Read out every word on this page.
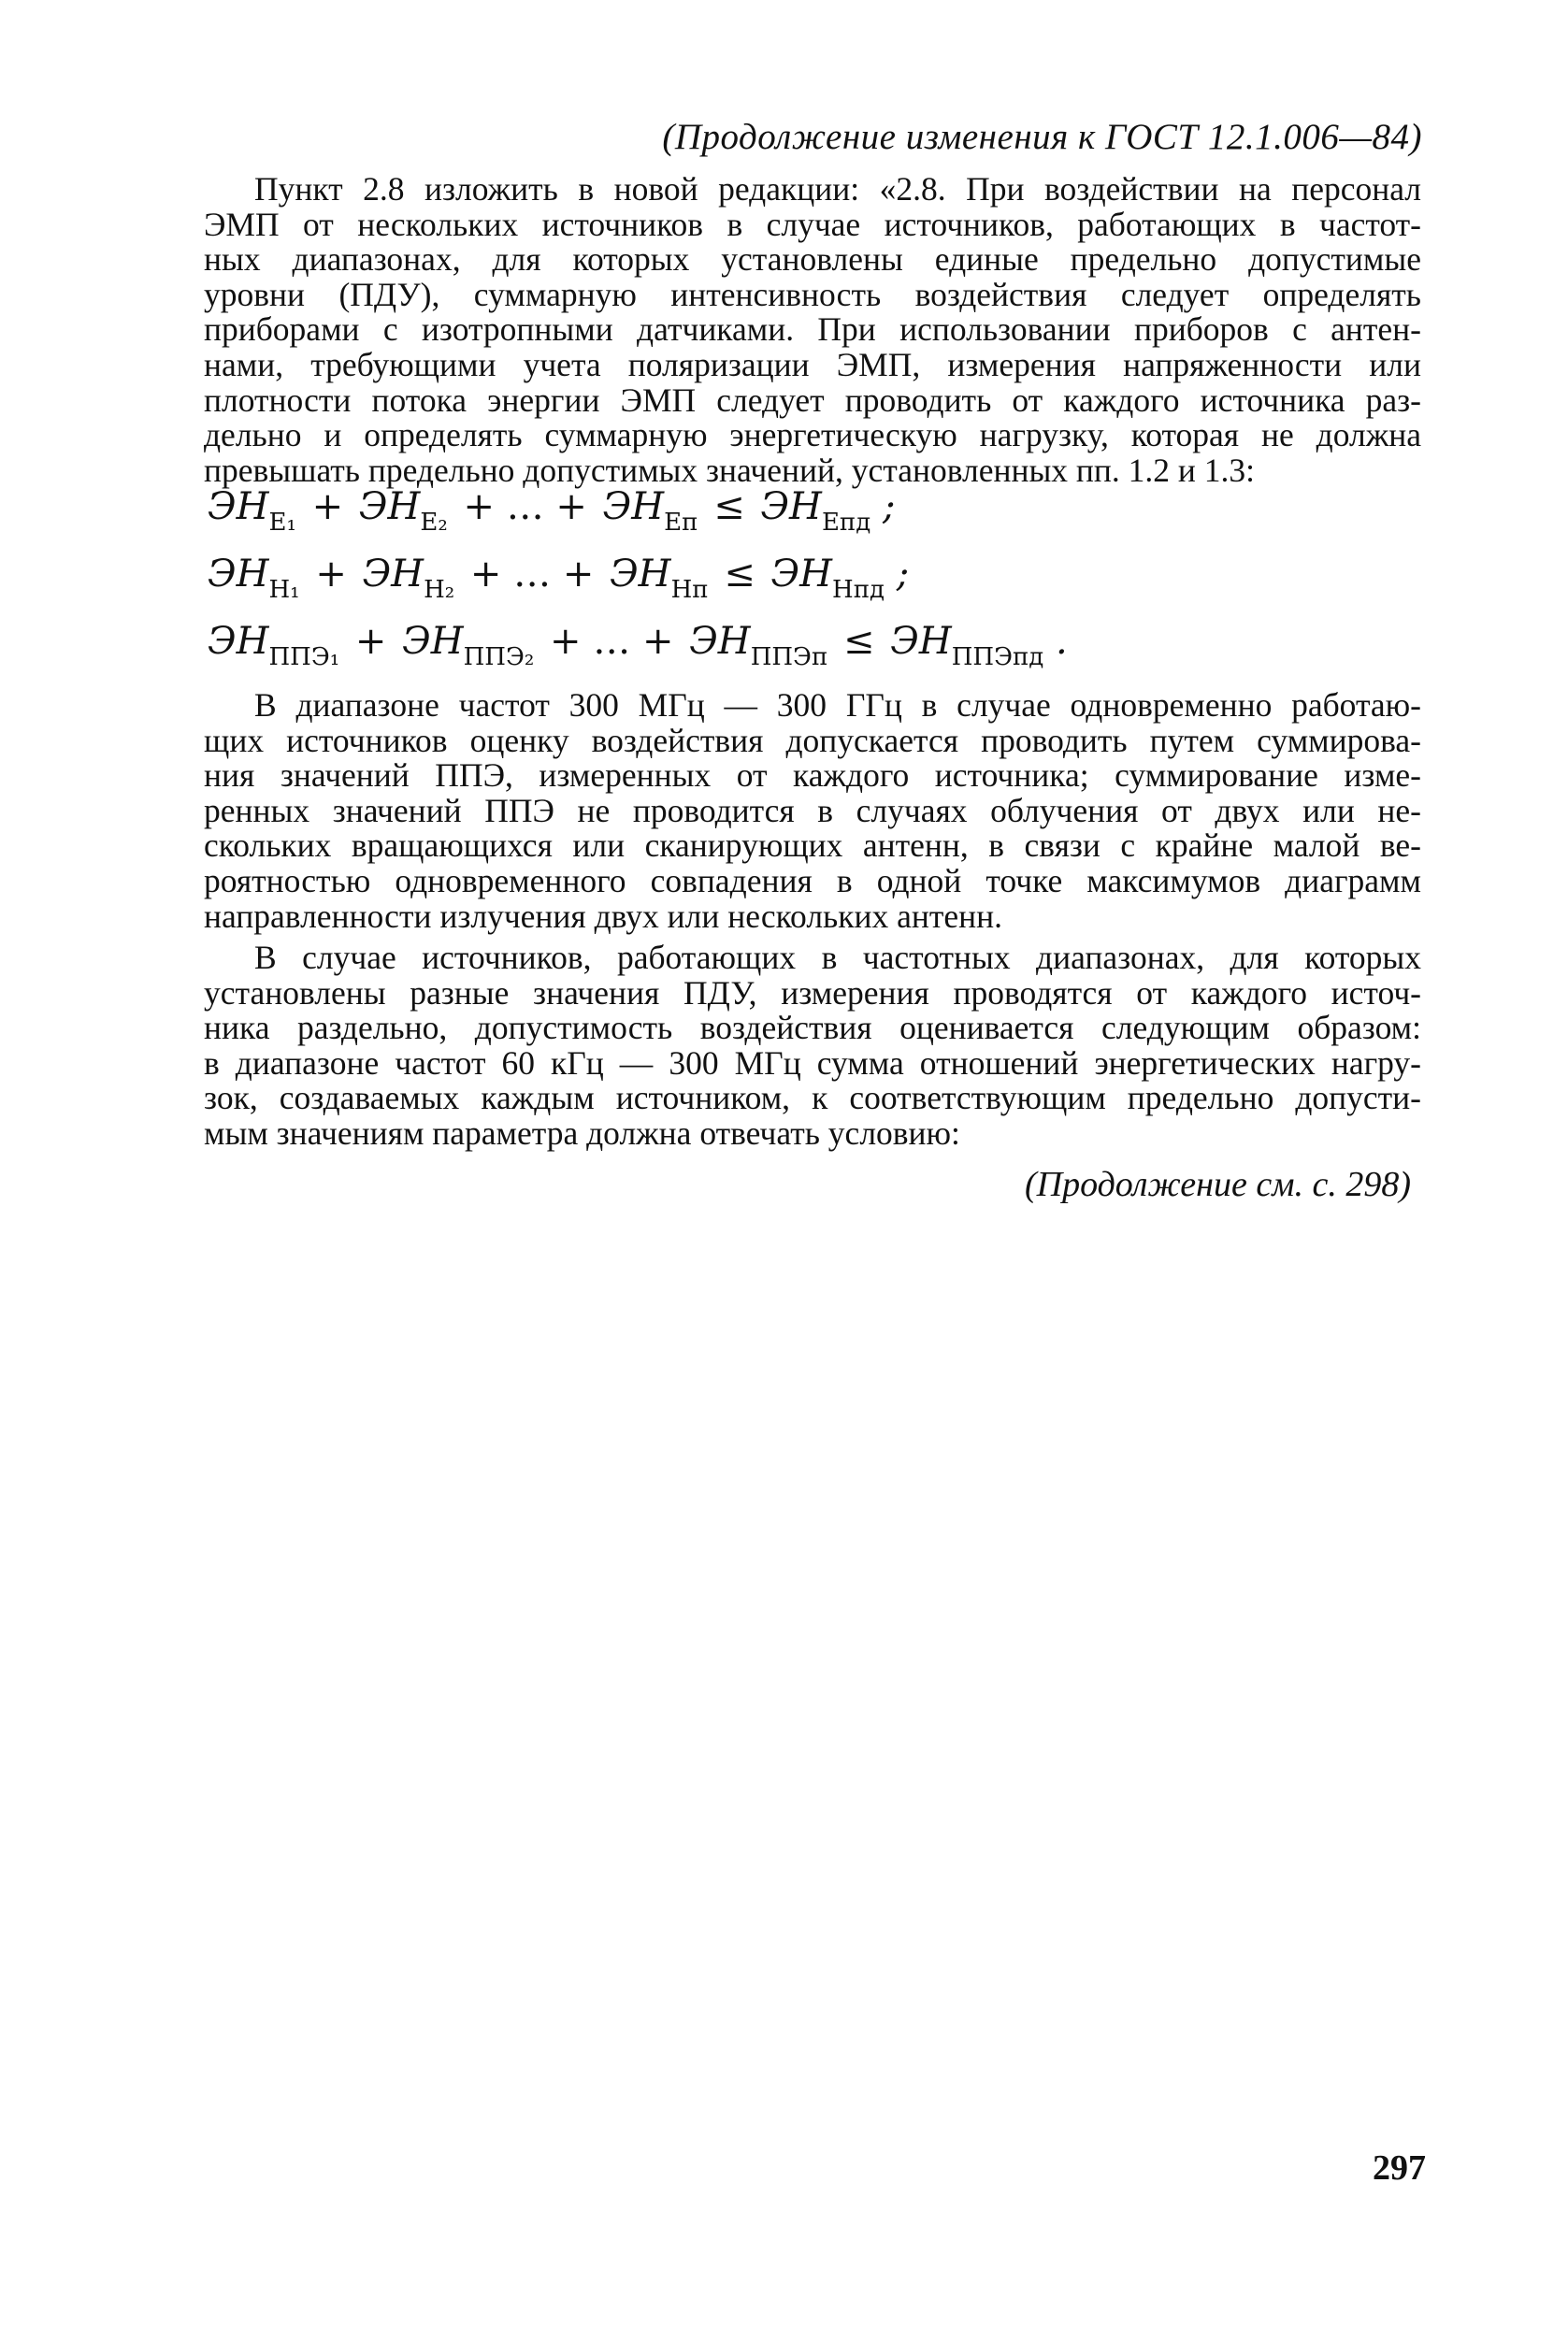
(Продолжение изменения к ГОСТ 12.1.006—84)
Пункт 2.8 изложить в новой редакции: «2.8. При воздействии на персонал
ЭМП от нескольких источников в случае источников, работающих в частот-
ных диапазонах, для которых установлены единые предельно допустимые
уровни (ПДУ), суммарную интенсивность воздействия следует определять
приборами с изотропными датчиками. При использовании приборов с антен-
нами, требующими учета поляризации ЭМП, измерения напряженности или
плотности потока энергии ЭМП следует проводить от каждого источника раз-
дельно и определять суммарную энергетическую нагрузку, которая не должна
превышать предельно допустимых значений, установленных пп. 1.2 и 1.3:
$ЭН_{E_1} + ЭН_{E_2}$ + … + $ЭН_{Eп} \le ЭН_{Eпд}$ ;
$ЭН_{H_1} + ЭН_{H_2}$ + … + $ЭН_{Hп} \le ЭН_{Hпд}$ ;
$ЭН_{ППЭ_1} + ЭН_{ППЭ_2}$ + … + $ЭН_{ППЭп} \le ЭН_{ППЭпд}$ .
В диапазоне частот 300 МГц — 300 ГГц в случае одновременно работаю-
щих источников оценку воздействия допускается проводить путем суммирова-
ния значений ППЭ, измеренных от каждого источника; суммирование изме-
ренных значений ППЭ не проводится в случаях облучения от двух или не-
скольких вращающихся или сканирующих антенн, в связи с крайне малой ве-
роятностью одновременного совпадения в одной точке максимумов диаграмм
направленности излучения двух или нескольких антенн.
В случае источников, работающих в частотных диапазонах, для которых
установлены разные значения ПДУ, измерения проводятся от каждого источ-
ника раздельно, допустимость воздействия оценивается следующим образом:
в диапазоне частот 60 кГц — 300 МГц сумма отношений энергетических нагру-
зок, создаваемых каждым источником, к соответствующим предельно допусти-
мым значениям параметра должна отвечать условию:
(Продолжение см. с. 298)
297
